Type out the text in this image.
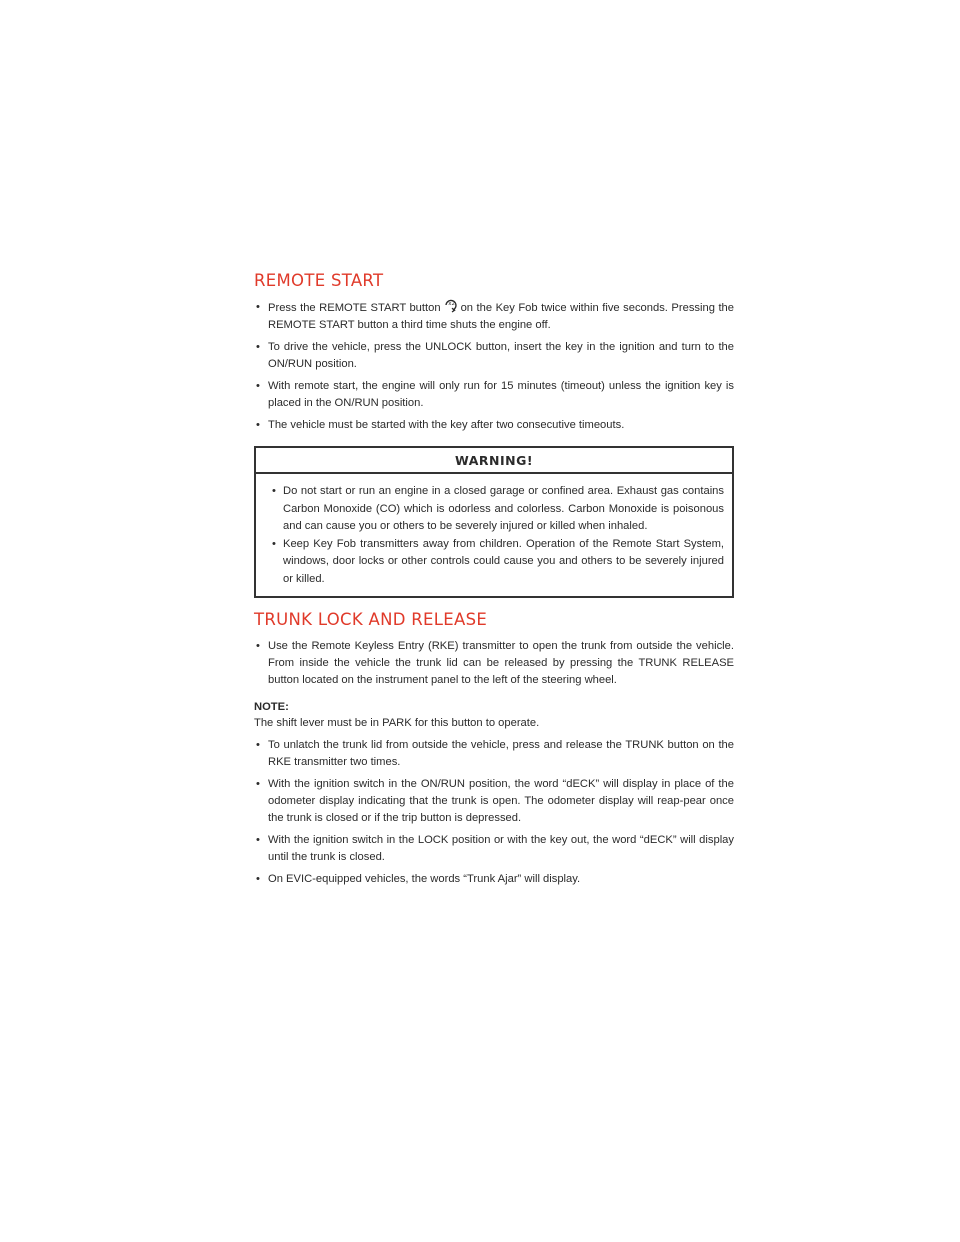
REMOTE START
• Press the REMOTE START button x2 on the Key Fob twice within five seconds. Pressing the REMOTE START button a third time shuts the engine off.
• To drive the vehicle, press the UNLOCK button, insert the key in the ignition and turn to the ON/RUN position.
• With remote start, the engine will only run for 15 minutes (timeout) unless the ignition key is placed in the ON/RUN position.
• The vehicle must be started with the key after two consecutive timeouts.
WARNING!
• Do not start or run an engine in a closed garage or confined area. Exhaust gas contains Carbon Monoxide (CO) which is odorless and colorless. Carbon Monoxide is poisonous and can cause you or others to be severely injured or killed when inhaled.
• Keep Key Fob transmitters away from children. Operation of the Remote Start System, windows, door locks or other controls could cause you and others to be severely injured or killed.
TRUNK LOCK AND RELEASE
• Use the Remote Keyless Entry (RKE) transmitter to open the trunk from outside the vehicle. From inside the vehicle the trunk lid can be released by pressing the TRUNK RELEASE button located on the instrument panel to the left of the steering wheel.
NOTE:
The shift lever must be in PARK for this button to operate.
• To unlatch the trunk lid from outside the vehicle, press and release the TRUNK button on the RKE transmitter two times.
• With the ignition switch in the ON/RUN position, the word “dECK” will display in place of the odometer display indicating that the trunk is open. The odometer display will reap-pear once the trunk is closed or if the trip button is depressed.
• With the ignition switch in the LOCK position or with the key out, the word “dECK” will display until the trunk is closed.
• On EVIC-equipped vehicles, the words “Trunk Ajar” will display.
